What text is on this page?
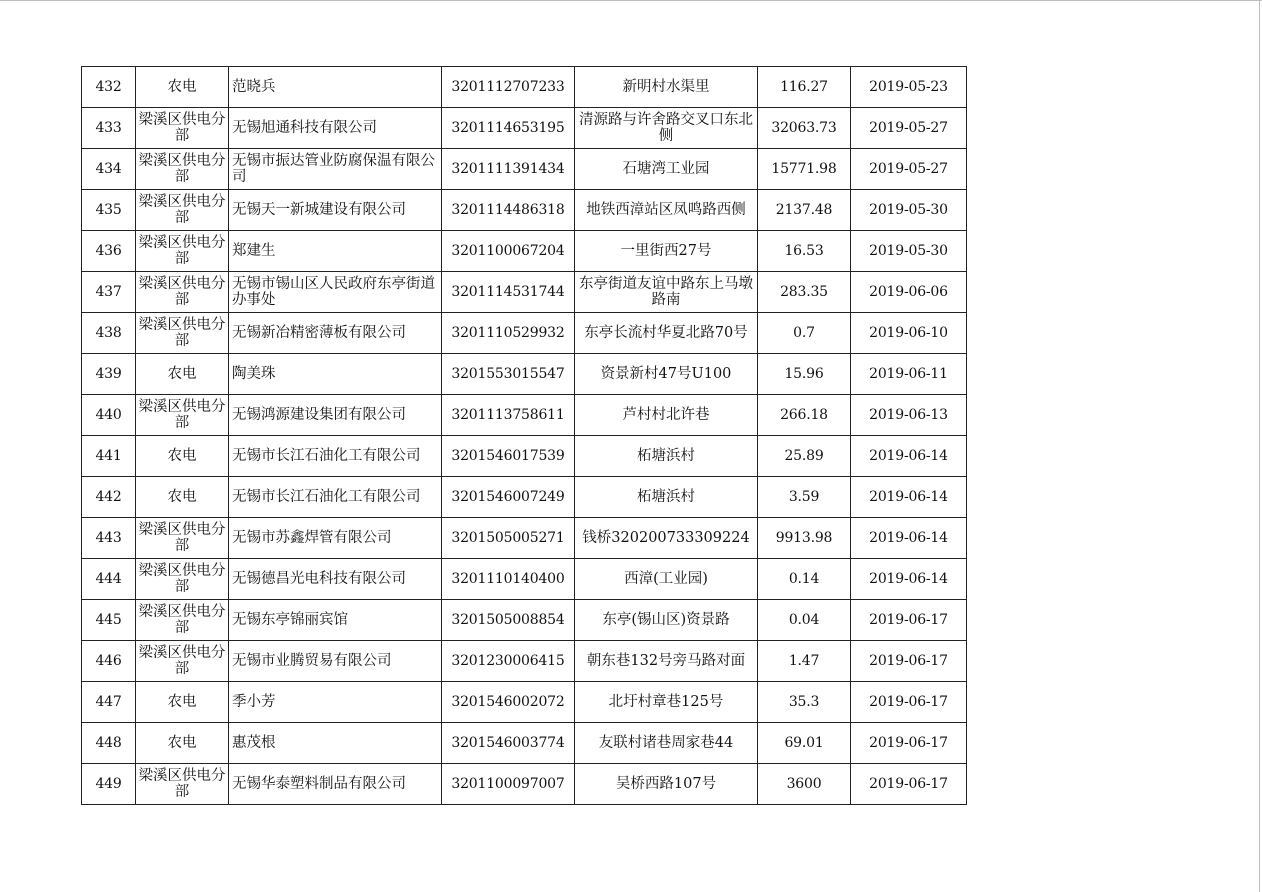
432	农电	范晓兵	3201112707233	新明村水渠里	116.27	2019-05-23
433	梁溪区供电分部	无锡旭通科技有限公司	3201114653195	清源路与许舍路交叉口东北侧	32063.73	2019-05-27
434	梁溪区供电分部	无锡市振达管业防腐保温有限公司	3201111391434	石塘湾工业园	15771.98	2019-05-27
435	梁溪区供电分部	无锡天一新城建设有限公司	3201114486318	地铁西漳站区凤鸣路西侧	2137.48	2019-05-30
436	梁溪区供电分部	郑建生	3201100067204	一里街西27号	16.53	2019-05-30
437	梁溪区供电分部	无锡市锡山区人民政府东亭街道办事处	3201114531744	东亭街道友谊中路东上马墩路南	283.35	2019-06-06
438	梁溪区供电分部	无锡新冶精密薄板有限公司	3201110529932	东亭长流村华夏北路70号	0.7	2019-06-10
439	农电	陶美珠	3201553015547	资景新村47号U100	15.96	2019-06-11
440	梁溪区供电分部	无锡鸿源建设集团有限公司	3201113758611	芦村村北许巷	266.18	2019-06-13
441	农电	无锡市长江石油化工有限公司	3201546017539	柘塘浜村	25.89	2019-06-14
442	农电	无锡市长江石油化工有限公司	3201546007249	柘塘浜村	3.59	2019-06-14
443	梁溪区供电分部	无锡市苏鑫焊管有限公司	3201505005271	钱桥320200733309224	9913.98	2019-06-14
444	梁溪区供电分部	无锡德昌光电科技有限公司	3201110140400	西漳(工业园)	0.14	2019-06-14
445	梁溪区供电分部	无锡东亭锦丽宾馆	3201505008854	东亭(锡山区)资景路	0.04	2019-06-17
446	梁溪区供电分部	无锡市业腾贸易有限公司	3201230006415	朝东巷132号旁马路对面	1.47	2019-06-17
447	农电	季小芳	3201546002072	北圩村章巷125号	35.3	2019-06-17
448	农电	惠茂根	3201546003774	友联村诸巷周家巷44	69.01	2019-06-17
449	梁溪区供电分部	无锡华泰塑料制品有限公司	3201100097007	吴桥西路107号	3600	2019-06-17
